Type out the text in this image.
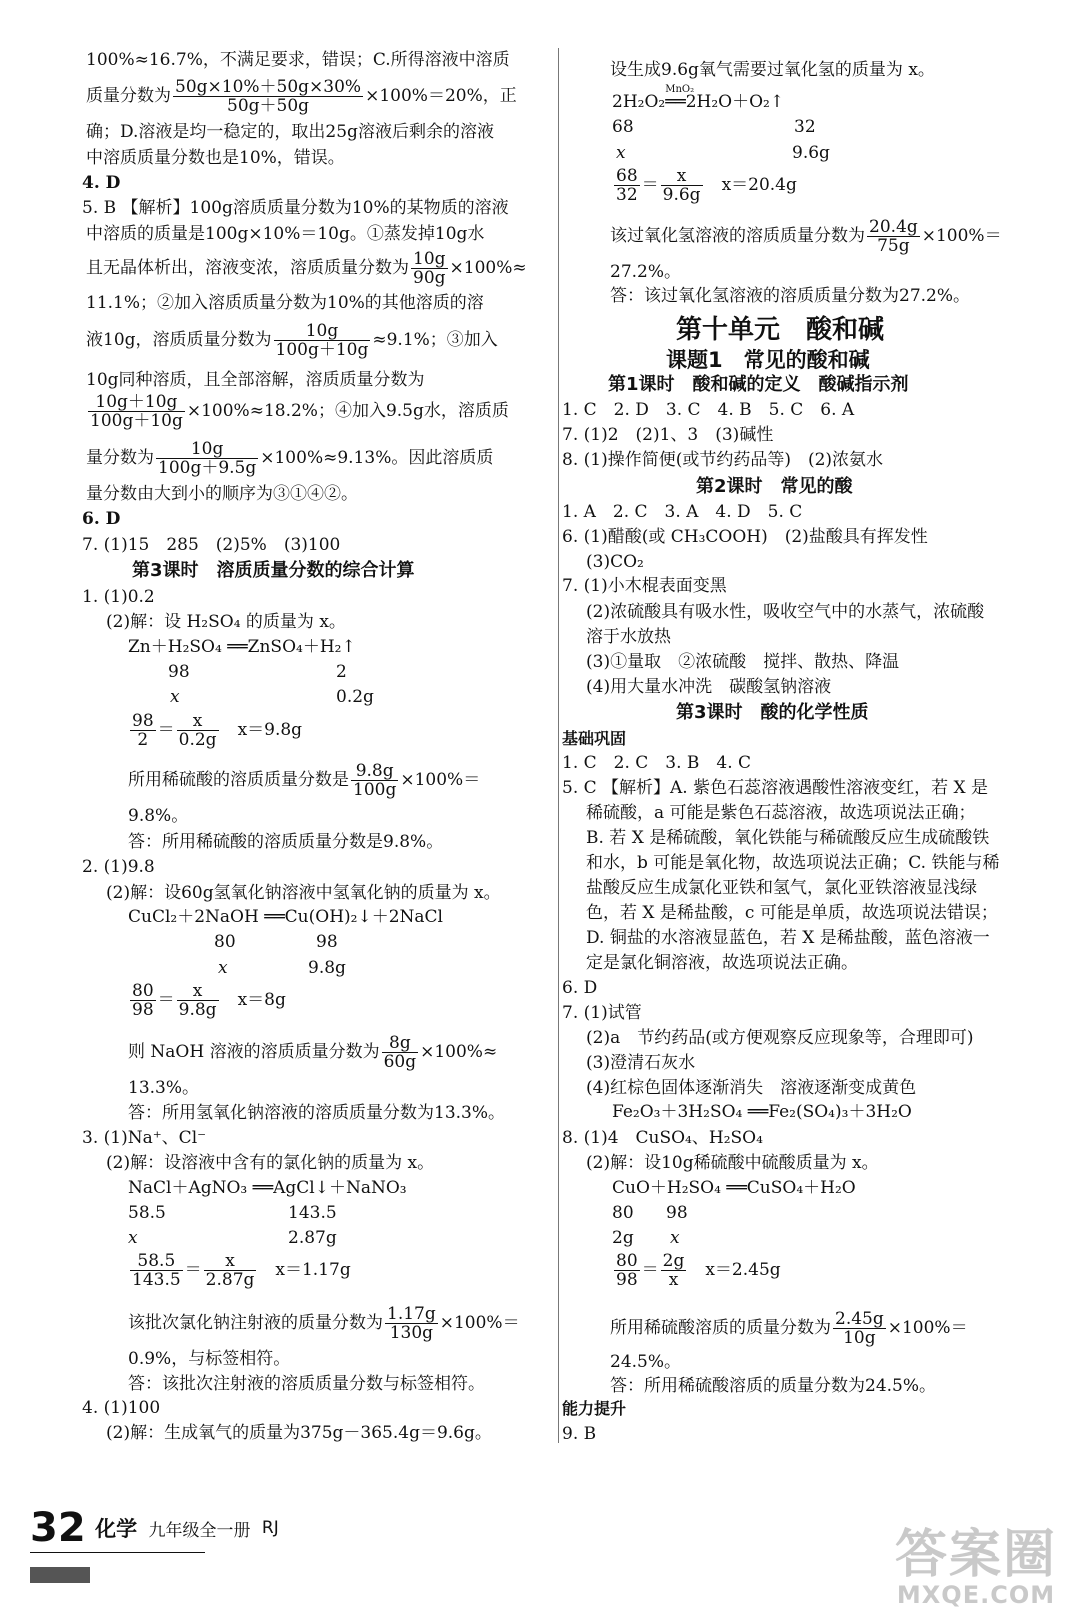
100%≈16.7%，不满足要求，错误；C.所得溶液中溶质
质量分数为 $\frac{50g\times 10\%+50g\times 30\%}{50g+50g} \times 100\%=20\%$，正
确；D.溶液是均一稳定的，取出25g溶液后剩余的溶液
中溶质质量分数也是10%，错误。
4. D
5. B 【解析】100g溶质质量分数为10%的某物质的溶液
中溶质的质量是100g×10%＝10g。①蒸发掉10g水
且无晶体析出，溶液变浓，溶质质量分数为 $\frac{10g}{90g} \times 100\%\approx$
11.1%；②加入溶质质量分数为10%的其他溶质的溶
液10g，溶质质量分数为 $\frac{10g}{100g+10g} \approx 9.1\%$；③加入
10g同种溶质，且全部溶解，溶质质量分数为
$\frac{10g+10g}{100g+10g} \times 100\%\approx 18.2\%$；④加入9.5g水，溶质质
量分数为 $\frac{10g}{100g+9.5g} \times 100\%\approx 9.13\%$。因此溶质质
量分数由大到小的顺序为③①④②。
6. D
7. (1)15　285　(2)5%　(3)100
第3课时　溶质质量分数的综合计算
1. (1)0.2
(2)解：设 H₂SO₄ 的质量为 x。
Zn＋H₂SO₄ ══ZnSO₄＋H₂↑
98	2
x	0.2g
$\frac{98}{2} = \frac{x}{0.2g}$
　 x＝9.8g
所用稀硫酸的溶质质量分数是 $\frac{9.8g}{100g} \times 100\%=$
9.8%。
答：所用稀硫酸的溶质质量分数是9.8%。
2. (1)9.8
(2)解：设60g氢氧化钠溶液中氢氧化钠的质量为 x。
CuCl₂＋2NaOH ══Cu(OH)₂↓＋2NaCl
80	98
x	9.8g
$\frac{80}{98} = \frac{x}{9.8g}$
　 x＝8g
则 NaOH 溶液的溶质质量分数为 $\frac{8g}{60g} \times 100\%\approx$
13.3%。
答：所用氢氧化钠溶液的溶质质量分数为13.3%。
3. (1)Na⁺、Cl⁻
(2)解：设溶液中含有的氯化钠的质量为 x。
NaCl＋AgNO₃ ══AgCl↓＋NaNO₃
58.5	143.5
x	2.87g
$\frac{58.5}{143.5} = \frac{x}{2.87g}$
　 x＝1.17g
该批次氯化钠注射液的质量分数为 $\frac{1.17g}{130g} \times 100\%=$
0.9%，与标签相符。
答：该批次注射液的溶质质量分数与标签相符。
4. (1)100
(2)解：生成氧气的质量为375g－365.4g＝9.6g。
设生成9.6g氧气需要过氧化氢的质量为 x。
2H₂O₂
MnO₂
══2H₂O＋O₂↑
68	32
x	9.6g
$\frac{68}{32} = \frac{x}{9.6g}$
　 x＝20.4g
该过氧化氢溶液的溶质质量分数为 $\frac{20.4g}{75g} \times 100\%=$
27.2%。
答：该过氧化氢溶液的溶质质量分数为27.2%。
第十单元　酸和碱
课题1　常见的酸和碱
第1课时　酸和碱的定义　酸碱指示剂
1. C　2. D　3. C　4. B　5. C　6. A
7. (1)2　(2)1、3　(3)碱性
8. (1)操作简便(或节约药品等)　(2)浓氨水
第2课时　常见的酸
1. A　2. C　3. A　4. D　5. C
6. (1)醋酸(或 CH₃COOH)　(2)盐酸具有挥发性
(3)CO₂
7. (1)小木棍表面变黑
(2)浓硫酸具有吸水性，吸收空气中的水蒸气，浓硫酸
溶于水放热
(3)①量取　②浓硫酸　搅拌、散热、降温
(4)用大量水冲洗　碳酸氢钠溶液
第3课时　酸的化学性质
基础巩固
1. C　2. C　3. B　4. C
5. C 【解析】A. 紫色石蕊溶液遇酸性溶液变红，若 X 是
稀硫酸，a 可能是紫色石蕊溶液，故选项说法正确；
B. 若 X 是稀硫酸，氧化铁能与稀硫酸反应生成硫酸铁
和水，b 可能是氧化物，故选项说法正确；C. 铁能与稀
盐酸反应生成氯化亚铁和氢气，氯化亚铁溶液显浅绿
色，若 X 是稀盐酸，c 可能是单质，故选项说法错误；
D. 铜盐的水溶液显蓝色，若 X 是稀盐酸，蓝色溶液一
定是氯化铜溶液，故选项说法正确。
6. D
7. (1)试管
(2)a　节约药品(或方便观察反应现象等，合理即可)
(3)澄清石灰水
(4)红棕色固体逐渐消失　溶液逐渐变成黄色
Fe₂O₃＋3H₂SO₄ ══Fe₂(SO₄)₃＋3H₂O
8. (1)4　CuSO₄、H₂SO₄
(2)解：设10g稀硫酸中硫酸质量为 x。
CuO＋H₂SO₄ ══CuSO₄＋H₂O
80 98
2g x
$\frac{80}{98} = \frac{2g}{x}$
　 x＝2.45g
所用稀硫酸溶质的质量分数为 $\frac{2.45g}{10g} \times 100\%=$
24.5%。
答：所用稀硫酸溶质的质量分数为24.5%。
能力提升
9. B
32 化学 九年级全一册 RJ	答案圈
MXQE.COM
